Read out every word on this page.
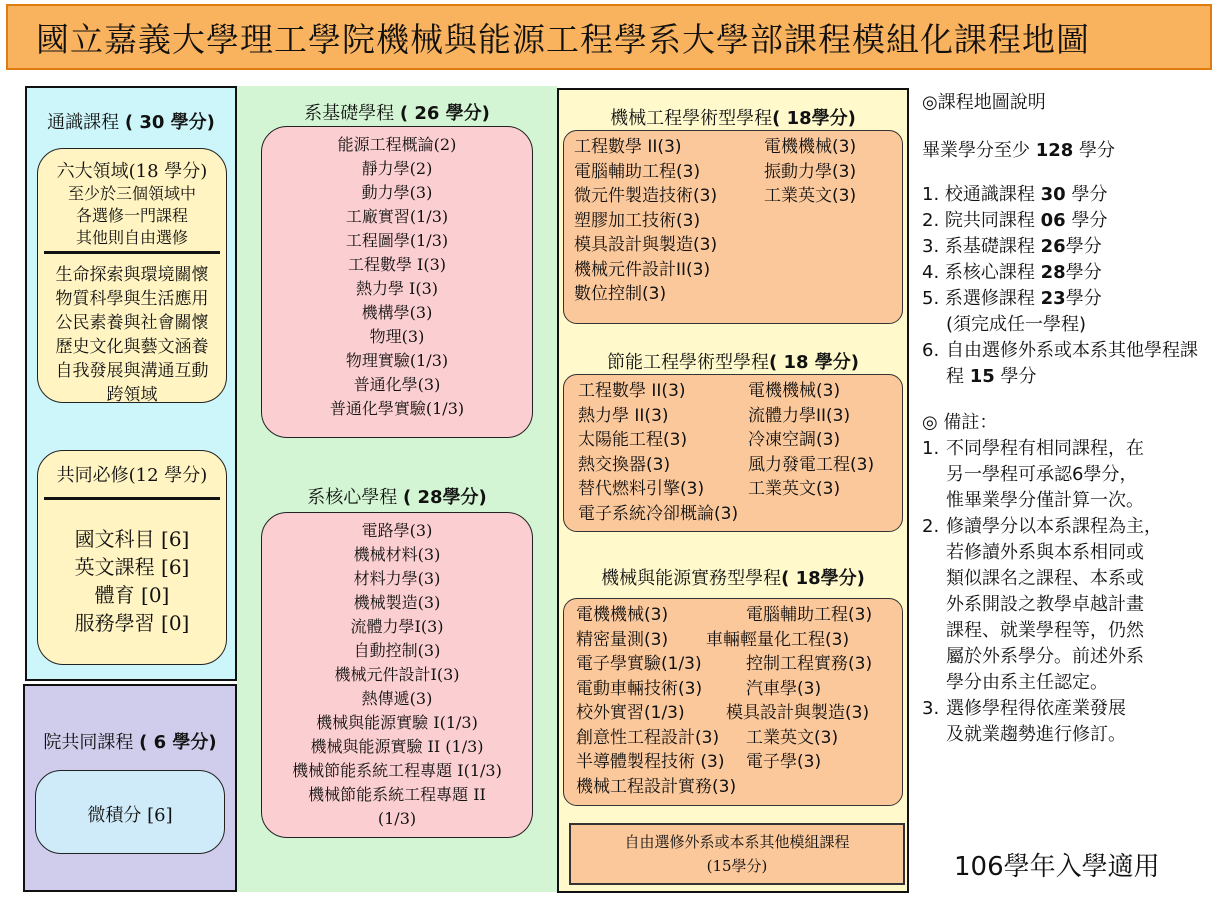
國立嘉義大學理工學院機械與能源工程學系大學部課程模組化課程地圖
通識課程 ( 30 學分)
六大領域(18 學分)
至少於三個領域中
各選修一門課程
其他則自由選修
生命探索與環境關懷
物質科學與生活應用
公民素養與社會關懷
歷史文化與藝文涵養
自我發展與溝通互動
跨領域
共同必修(12 學分)
國文科目 [6]
英文課程 [6]
體育 [0]
服務學習 [0]
院共同課程 ( 6 學分)
微積分 [6]
系基礎學程 ( 26 學分)
能源工程概論(2)
靜力學(2)
動力學(3)
工廠實習(1/3)
工程圖學(1/3)
工程數學 I(3)
熱力學 I(3)
機構學(3)
物理(3)
物理實驗(1/3)
普通化學(3)
普通化學實驗(1/3)
系核心學程 ( 28學分)
電路學(3)
機械材料(3)
材料力學(3)
機械製造(3)
流體力學I(3)
自動控制(3)
機械元件設計I(3)
熱傳遞(3)
機械與能源實驗 I(1/3)
機械與能源實驗 II (1/3)
機械節能系統工程專題 I(1/3)
機械節能系統工程專題 II
(1/3)
機械工程學術型學程( 18學分)
工程數學 II(3)	電機機械(3)
電腦輔助工程(3)	振動力學(3)
微元件製造技術(3)	工業英文(3)
塑膠加工技術(3)
模具設計與製造(3)
機械元件設計II(3)
數位控制(3)
節能工程學術型學程( 18 學分)
工程數學 II(3)	電機機械(3)
熱力學 II(3)	流體力學II(3)
太陽能工程(3)	冷凍空調(3)
熱交換器(3)	風力發電工程(3)
替代燃料引擎(3)	工業英文(3)
電子系統冷卻概論(3)
機械與能源實務型學程( 18學分)
電機機械(3)	電腦輔助工程(3)
精密量測(3)	車輛輕量化工程(3)
電子學實驗(1/3)	控制工程實務(3)
電動車輛技術(3)	汽車學(3)
校外實習(1/3)	模具設計與製造(3)
創意性工程設計(3)	工業英文(3)
半導體製程技術 (3)	電子學(3)
機械工程設計實務(3)
自由選修外系或本系其他模組課程
(15學分)
◎課程地圖說明
畢業學分至少 128 學分
1. 校通識課程 30 學分
2. 院共同課程 06 學分
3. 系基礎課程 26學分
4. 系核心課程 28學分
5. 系選修課程 23學分
(須完成任一學程)
6. 自由選修外系或本系其他學程課程 15 學分
◎ 備註：
1. 不同學程有相同課程，在
另一學程可承認6學分，
惟畢業學分僅計算一次。
2. 修讀學分以本系課程為主，
若修讀外系與本系相同或
類似課名之課程、本系或
外系開設之教學卓越計畫
課程、就業學程等，仍然
屬於外系學分。前述外系
學分由系主任認定。
3. 選修學程得依產業發展
及就業趨勢進行修訂。
106學年入學適用
